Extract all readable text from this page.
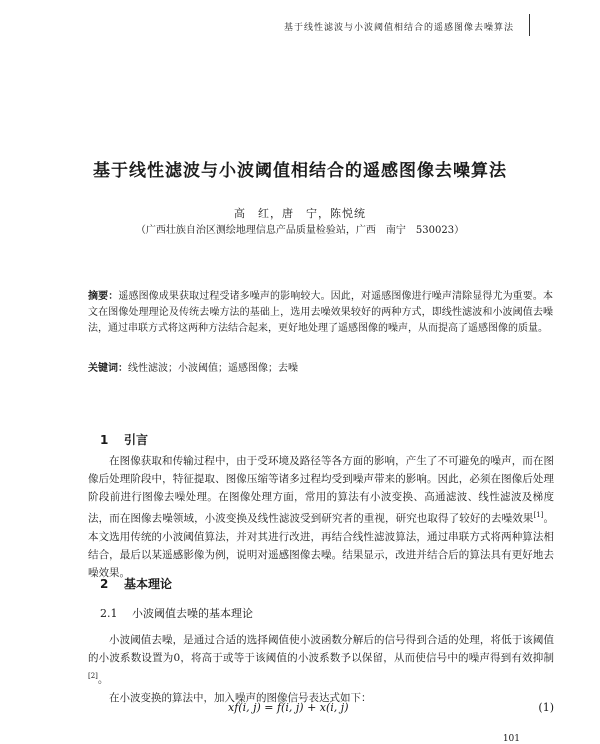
基于线性滤波与小波阈值相结合的遥感图像去噪算法
基于线性滤波与小波阈值相结合的遥感图像去噪算法
高　红，唐　宁，陈悦统
（广西壮族自治区测绘地理信息产品质量检验站，广西　南宁　530023）
摘要：遥感图像成果获取过程受诸多噪声的影响较大。因此，对遥感图像进行噪声清除显得尤为重要。本文在图像处理理论及传统去噪方法的基础上，选用去噪效果较好的两种方式，即线性滤波和小波阈值去噪法，通过串联方式将这两种方法结合起来，更好地处理了遥感图像的噪声，从而提高了遥感图像的质量。
关键词：线性滤波；小波阈值；遥感图像；去噪
1 引言

在图像获取和传输过程中，由于受环境及路径等各方面的影响，产生了不可避免的噪声，而在图像后处理阶段中，特征提取、图像压缩等诸多过程均受到噪声带来的影响。因此，必须在图像后处理阶段前进行图像去噪处理。在图像处理方面，常用的算法有小波变换、高通滤波、线性滤波及梯度法，而在图像去噪领域，小波变换及线性滤波受到研究者的重视，研究也取得了较好的去噪效果[1]。本文选用传统的小波阈值算法，并对其进行改进，再结合线性滤波算法，通过串联方式将两种算法相结合，最后以某遥感影像为例，说明对遥感图像去噪。结果显示，改进并结合后的算法具有更好地去噪效果。

2 基本理论
2.1 小波阈值去噪的基本理论

小波阈值去噪，是通过合适的选择阈值使小波函数分解后的信号得到合适的处理，将低于该阈值的小波系数设置为0，将高于或等于该阈值的小波系数予以保留，从而使信号中的噪声得到有效抑制[2]。

在小波变换的算法中，加入噪声的图像信号表达式如下：

xf(i, j) = f(i, j) + x(i, j)	(1)
101
